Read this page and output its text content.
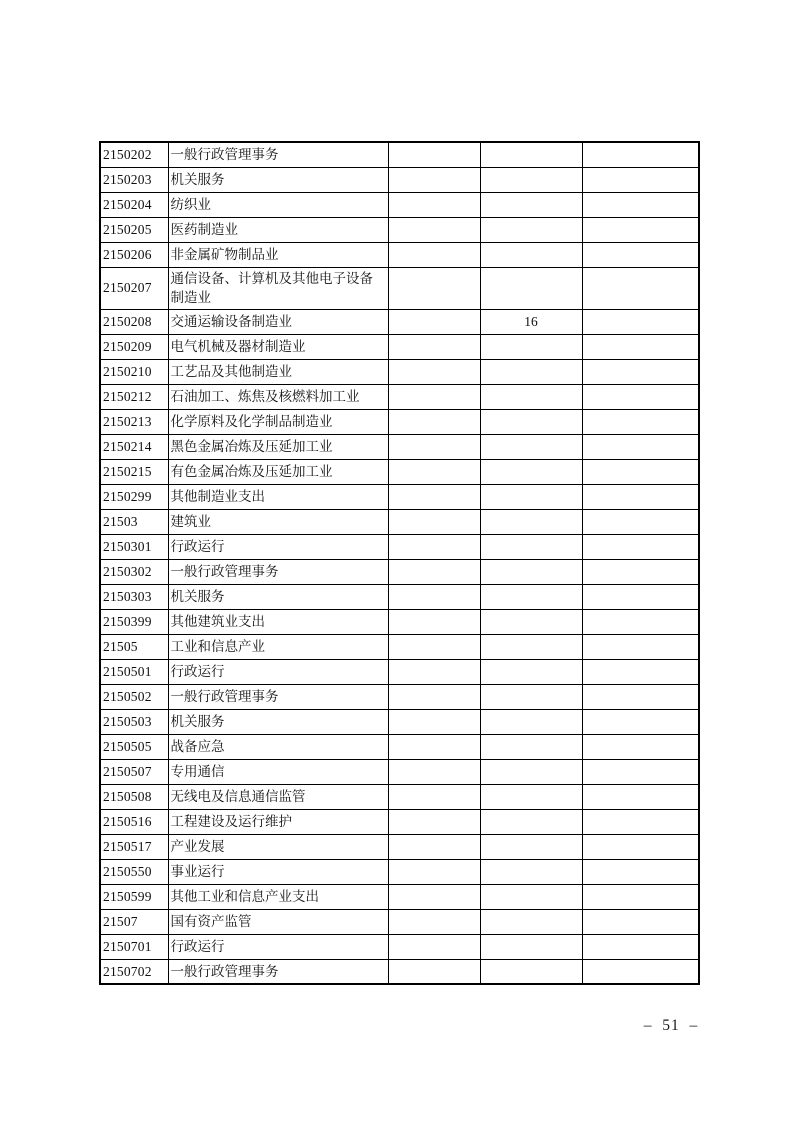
2150202	一般行政管理事务			
2150203	机关服务			
2150204	纺织业			
2150205	医药制造业			
2150206	非金属矿物制品业			
2150207	通信设备、计算机及其他电子设备制造业			
2150208	交通运输设备制造业		16	
2150209	电气机械及器材制造业			
2150210	工艺品及其他制造业			
2150212	石油加工、炼焦及核燃料加工业			
2150213	化学原料及化学制品制造业			
2150214	黑色金属冶炼及压延加工业			
2150215	有色金属冶炼及压延加工业			
2150299	其他制造业支出			
21503	建筑业			
2150301	行政运行			
2150302	一般行政管理事务			
2150303	机关服务			
2150399	其他建筑业支出			
21505	工业和信息产业			
2150501	行政运行			
2150502	一般行政管理事务			
2150503	机关服务			
2150505	战备应急			
2150507	专用通信			
2150508	无线电及信息通信监管			
2150516	工程建设及运行维护			
2150517	产业发展			
2150550	事业运行			
2150599	其他工业和信息产业支出			
21507	国有资产监管			
2150701	行政运行			
2150702	一般行政管理事务			
–  51  –
